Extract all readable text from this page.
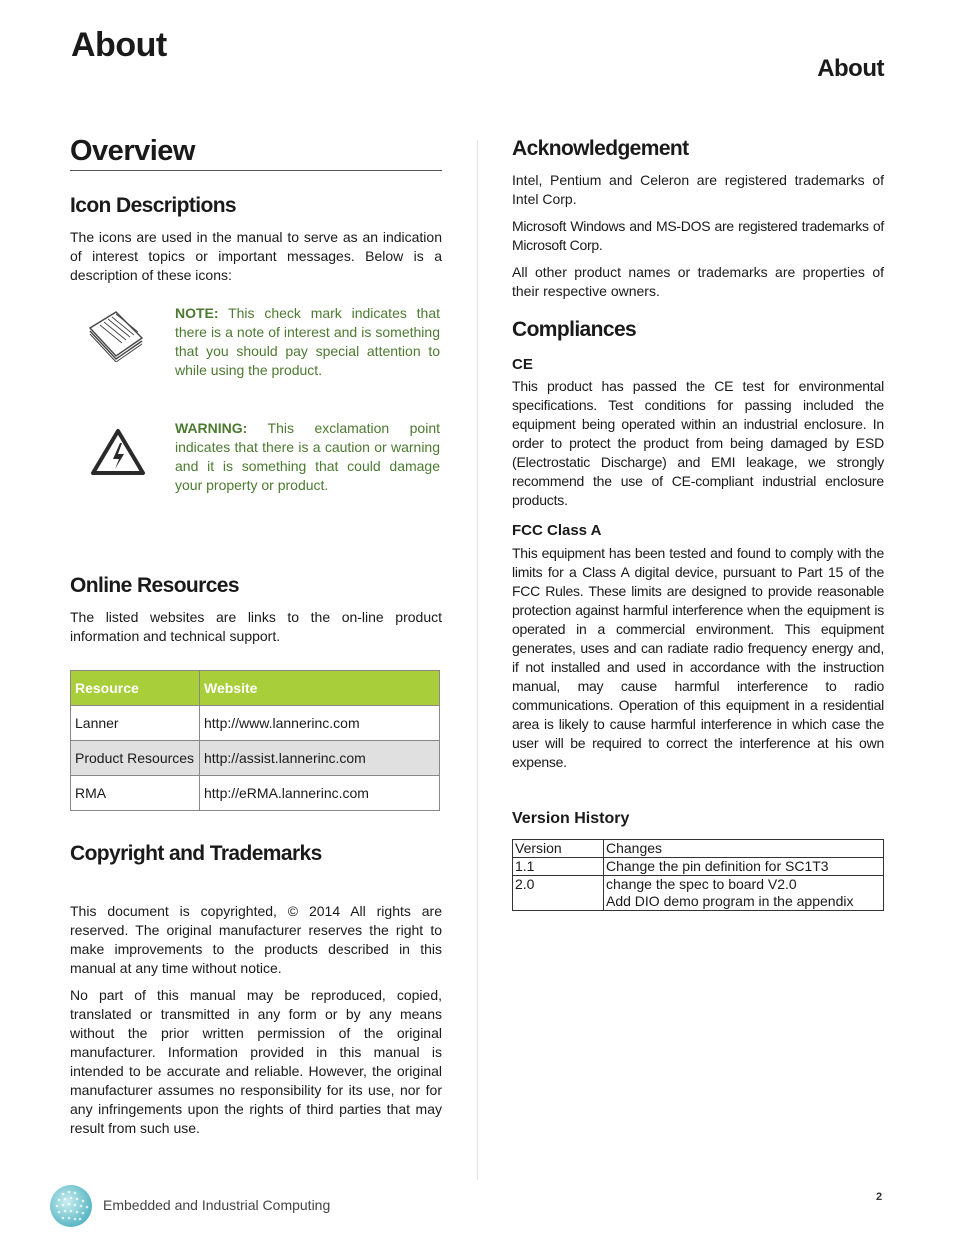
About
About
Overview
Icon Descriptions

The icons are used in the manual to serve as an indication of interest topics or important messages. Below is a description of these icons:

NOTE: This check mark indicates that there is a note of interest and is something that you should pay special attention to while using the product.
WARNING: This exclamation point indicates that there is a caution or warning and it is something that could damage your property or product.
Online Resources

The listed websites are links to the on-line product information and technical support.

Resource	Website
Lanner	http://www.lannerinc.com
Product Resources	http://assist.lannerinc.com
RMA	http://eRMA.lannerinc.com
Copyright and Trademarks

This document is copyrighted, © 2014 All rights are reserved. The original manufacturer reserves the right to make improvements to the products described in this manual at any time without notice.

No part of this manual may be reproduced, copied, translated or transmitted in any form or by any means without the prior written permission of the original manufacturer. Information provided in this manual is intended to be accurate and reliable. However, the original manufacturer assumes no responsibility for its use, nor for any infringements upon the rights of third parties that may result from such use.

Acknowledgement

Intel, Pentium and Celeron are registered trademarks of Intel Corp.

Microsoft Windows and MS-DOS are registered trademarks of Microsoft Corp.

All other product names or trademarks are properties of their respective owners.

Compliances
CE

This product has passed the CE test for environmental specifications. Test conditions for passing included the equipment being operated within an industrial enclosure. In order to protect the product from being damaged by ESD (Electrostatic Discharge) and EMI leakage, we strongly recommend the use of CE-compliant industrial enclosure products.

FCC Class A

This equipment has been tested and found to comply with the limits for a Class A digital device, pursuant to Part 15 of the FCC Rules. These limits are designed to provide reasonable protection against harmful interference when the equipment is operated in a commercial environment. This equipment generates, uses and can radiate radio frequency energy and, if not installed and used in accordance with the instruction manual, may cause harmful interference to radio communications. Operation of this equipment in a residential area is likely to cause harmful interference in which case the user will be required to correct the interference at his own expense.

Version History
Version	Changes
1.1	Change the pin definition for SC1T3
2.0	change the spec to board V2.0
Add DIO demo program in the appendix
Embedded and Industrial Computing	2
